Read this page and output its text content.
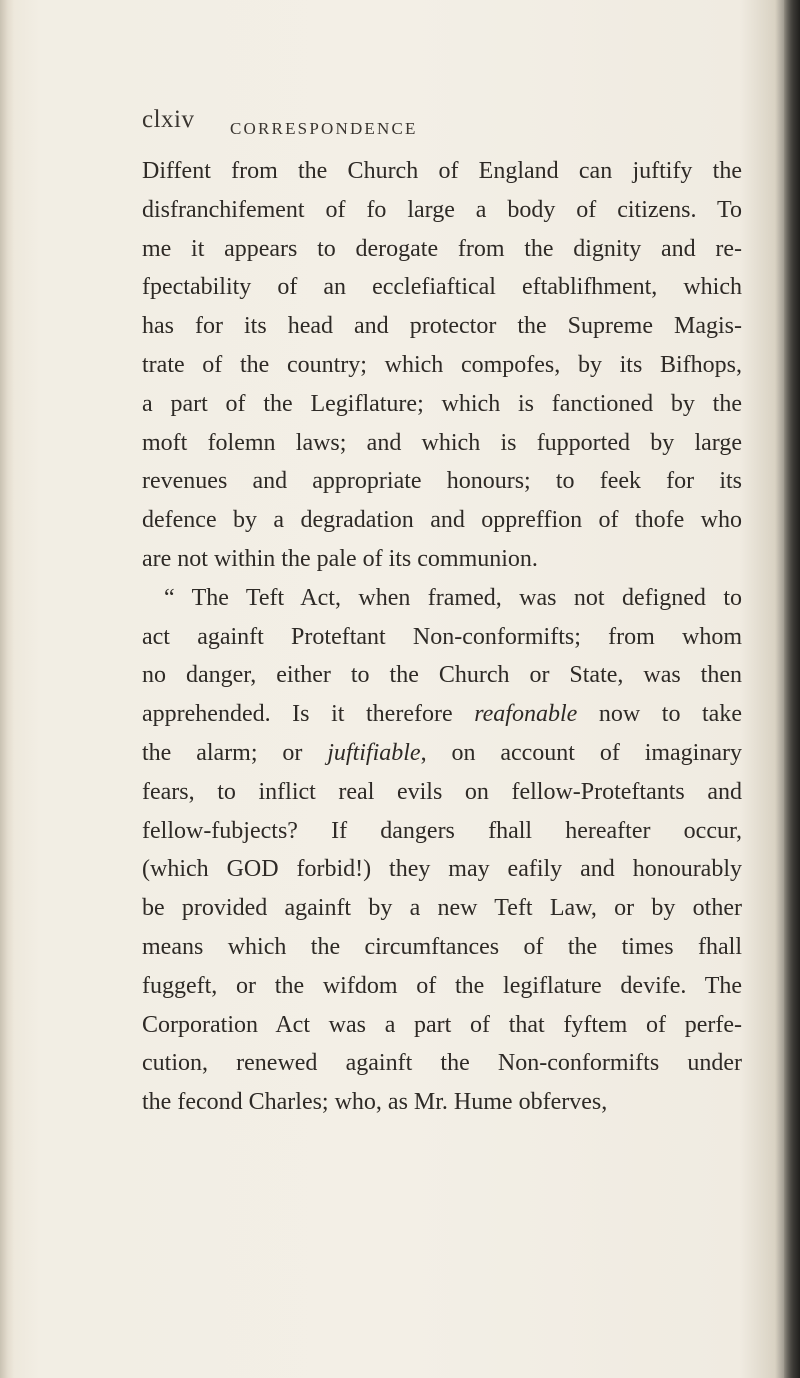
clxiv CORRESPONDENCE
Diffent from the Church of England can juftify the
disfranchifement of fo large a body of citizens. To
me it appears to derogate from the dignity and re-
fpectability of an ecclefiaftical eftablifhment, which
has for its head and protector the Supreme Magis-
trate of the country; which compofes, by its Bifhops,
a part of the Legiflature; which is fanctioned by the
moft folemn laws; and which is fupported by large
revenues and appropriate honours; to feek for its
defence by a degradation and oppreffion of thofe who
are not within the pale of its communion.
“ The Teft Act, when framed, was not defigned to
act againft Proteftant Non-conformifts; from whom
no danger, either to the Church or State, was then
apprehended. Is it therefore reafonable now to take
the alarm; or juftifiable, on account of imaginary
fears, to inflict real evils on fellow-Proteftants and
fellow-fubjects? If dangers fhall hereafter occur,
(which GOD forbid!) they may eafily and honourably
be provided againft by a new Teft Law, or by other
means which the circumftances of the times fhall
fuggeft, or the wifdom of the legiflature devife. The
Corporation Act was a part of that fyftem of perfe-
cution, renewed againft the Non-conformifts under
the fecond Charles; who, as Mr. Hume obferves,
